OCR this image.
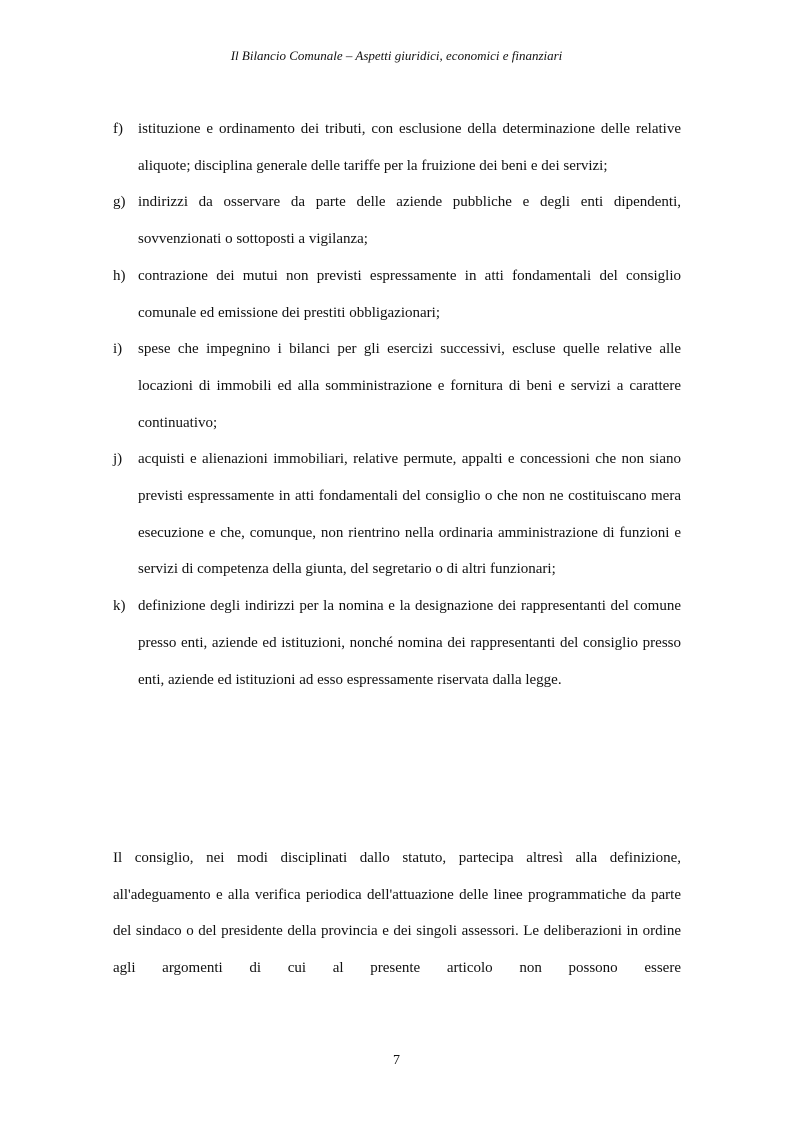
Il Bilancio Comunale – Aspetti giuridici, economici e finanziari
f)	istituzione e ordinamento dei tributi, con esclusione della determinazione delle relative aliquote; disciplina generale delle tariffe per la fruizione dei beni e dei servizi;
g) indirizzi da osservare da parte delle aziende pubbliche e degli enti dipendenti, sovvenzionati o sottoposti a vigilanza;
h) contrazione dei mutui non previsti espressamente in atti fondamentali del consiglio comunale ed emissione dei prestiti obbligazionari;
i)	spese che impegnino i bilanci per gli esercizi successivi, escluse quelle relative alle locazioni di immobili ed alla somministrazione e fornitura di beni e servizi a carattere continuativo;
j)	acquisti e alienazioni immobiliari, relative permute, appalti e concessioni che non siano previsti espressamente in atti fondamentali del consiglio o che non ne costituiscano mera esecuzione e che, comunque, non rientrino nella ordinaria amministrazione di funzioni e servizi di competenza della giunta, del segretario o di altri funzionari;
k) definizione degli indirizzi per la nomina e la designazione dei rappresentanti del comune presso enti, aziende ed istituzioni, nonché nomina dei rappresentanti del consiglio presso enti, aziende ed istituzioni ad esso espressamente riservata dalla legge.

Il consiglio, nei modi disciplinati dallo statuto, partecipa altresì alla definizione, all'adeguamento e alla verifica periodica dell'attuazione delle linee programmatiche da parte del sindaco o del presidente della provincia e dei singoli assessori. Le deliberazioni in ordine agli argomenti di cui al presente articolo non possono essere

7
